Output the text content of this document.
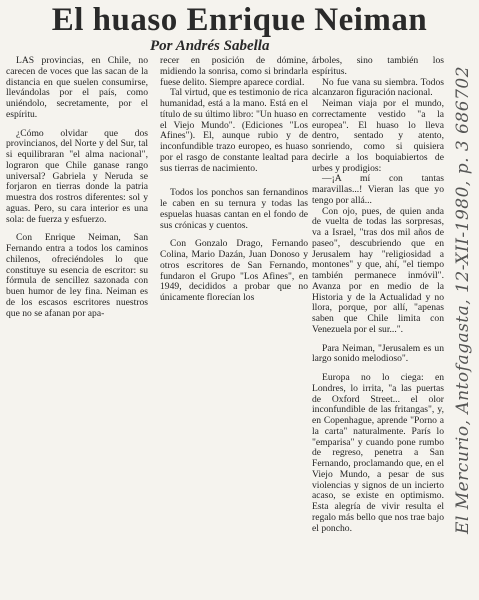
El huaso Enrique Neiman
Por Andrés Sabella

LAS provincias, en Chile, no carecen de voces que las sacan de la distancia en que suelen consumirse, llevándolas por el país, como uniéndolo, secretamente, por el espíritu.

¿Cómo olvidar que dos provincianos, del Norte y del Sur, tal si equilibraran "el alma nacional", lograron que Chile ganase rango universal? Gabriela y Neruda se forjaron en tierras donde la patria muestra dos rostros diferentes: sol y aguas. Pero, su cara interior es una sola: de fuerza y esfuerzo.

Con Enrique Neiman, San Fernando entra a todos los caminos chilenos, ofreciéndoles lo que constituye su esencia de escritor: su fórmula de sencillez sazonada con buen humor de ley fina. Neiman es de los escasos escritores nuestros que no se afanan por apa-

recer en posición de dómine, midiendo la sonrisa, como si brindarla fuese delito. Siempre aparece cordial.

Tal virtud, que es testimonio de rica humanidad, está a la mano. Está en el título de su último libro: "Un huaso en el Viejo Mundo". (Ediciones "Los Afines"). El, aunque rubio y de inconfundible trazo europeo, es huaso por el rasgo de constante lealtad para sus tierras de nacimiento.

Todos los ponchos san fernandinos le caben en su ternura y todas las espuelas huasas cantan en el fondo de sus crónicas y cuentos.

Con Gonzalo Drago, Fernando Colina, Mario Dazán, Juan Donoso y otros escritores de San Fernando, fundaron el Grupo "Los Afines", en 1949, decididos a probar que no únicamente florecían los

árboles, sino también los espíritus.

No fue vana su siembra. Todos alcanzaron figuración nacional.

Neiman viaja por el mundo, correctamente vestido "a la europea". El huaso lo lleva dentro, sentado y atento, sonriendo, como si quisiera decirle a los boquiabiertos de urbes y prodigios:

—¡A mí con tantas maravillas...! Vieran las que yo tengo por allá...

Con ojo, pues, de quien anda de vuelta de todas las sorpresas, va a Israel, "tras dos mil años de paseo", descubriendo que en Jerusalem hay "religiosidad a montones" y que, ahí, "el tiempo también permanece inmóvil". Avanza por en medio de la Historia y de la Actualidad y no llora, porque, por allí, "apenas saben que Chile limita con Venezuela por el sur...".

Para Neiman, "Jerusalem es un largo sonido melodioso".

Europa no lo ciega: en Londres, lo irrita, "a las puertas de Oxford Street... el olor inconfundible de las fritangas", y, en Copenhague, aprende "Porno a la carta" naturalmente. París lo "emparisa" y cuando pone rumbo de regreso, penetra a San Fernando, proclamando que, en el Viejo Mundo, a pesar de sus violencias y signos de un incierto acaso, se existe en optimismo. Esta alegría de vivir resulta el regalo más bello que nos trae bajo el poncho.	El Mercurio, Antofagasta, 12-XII-1980, p. 3 686702
